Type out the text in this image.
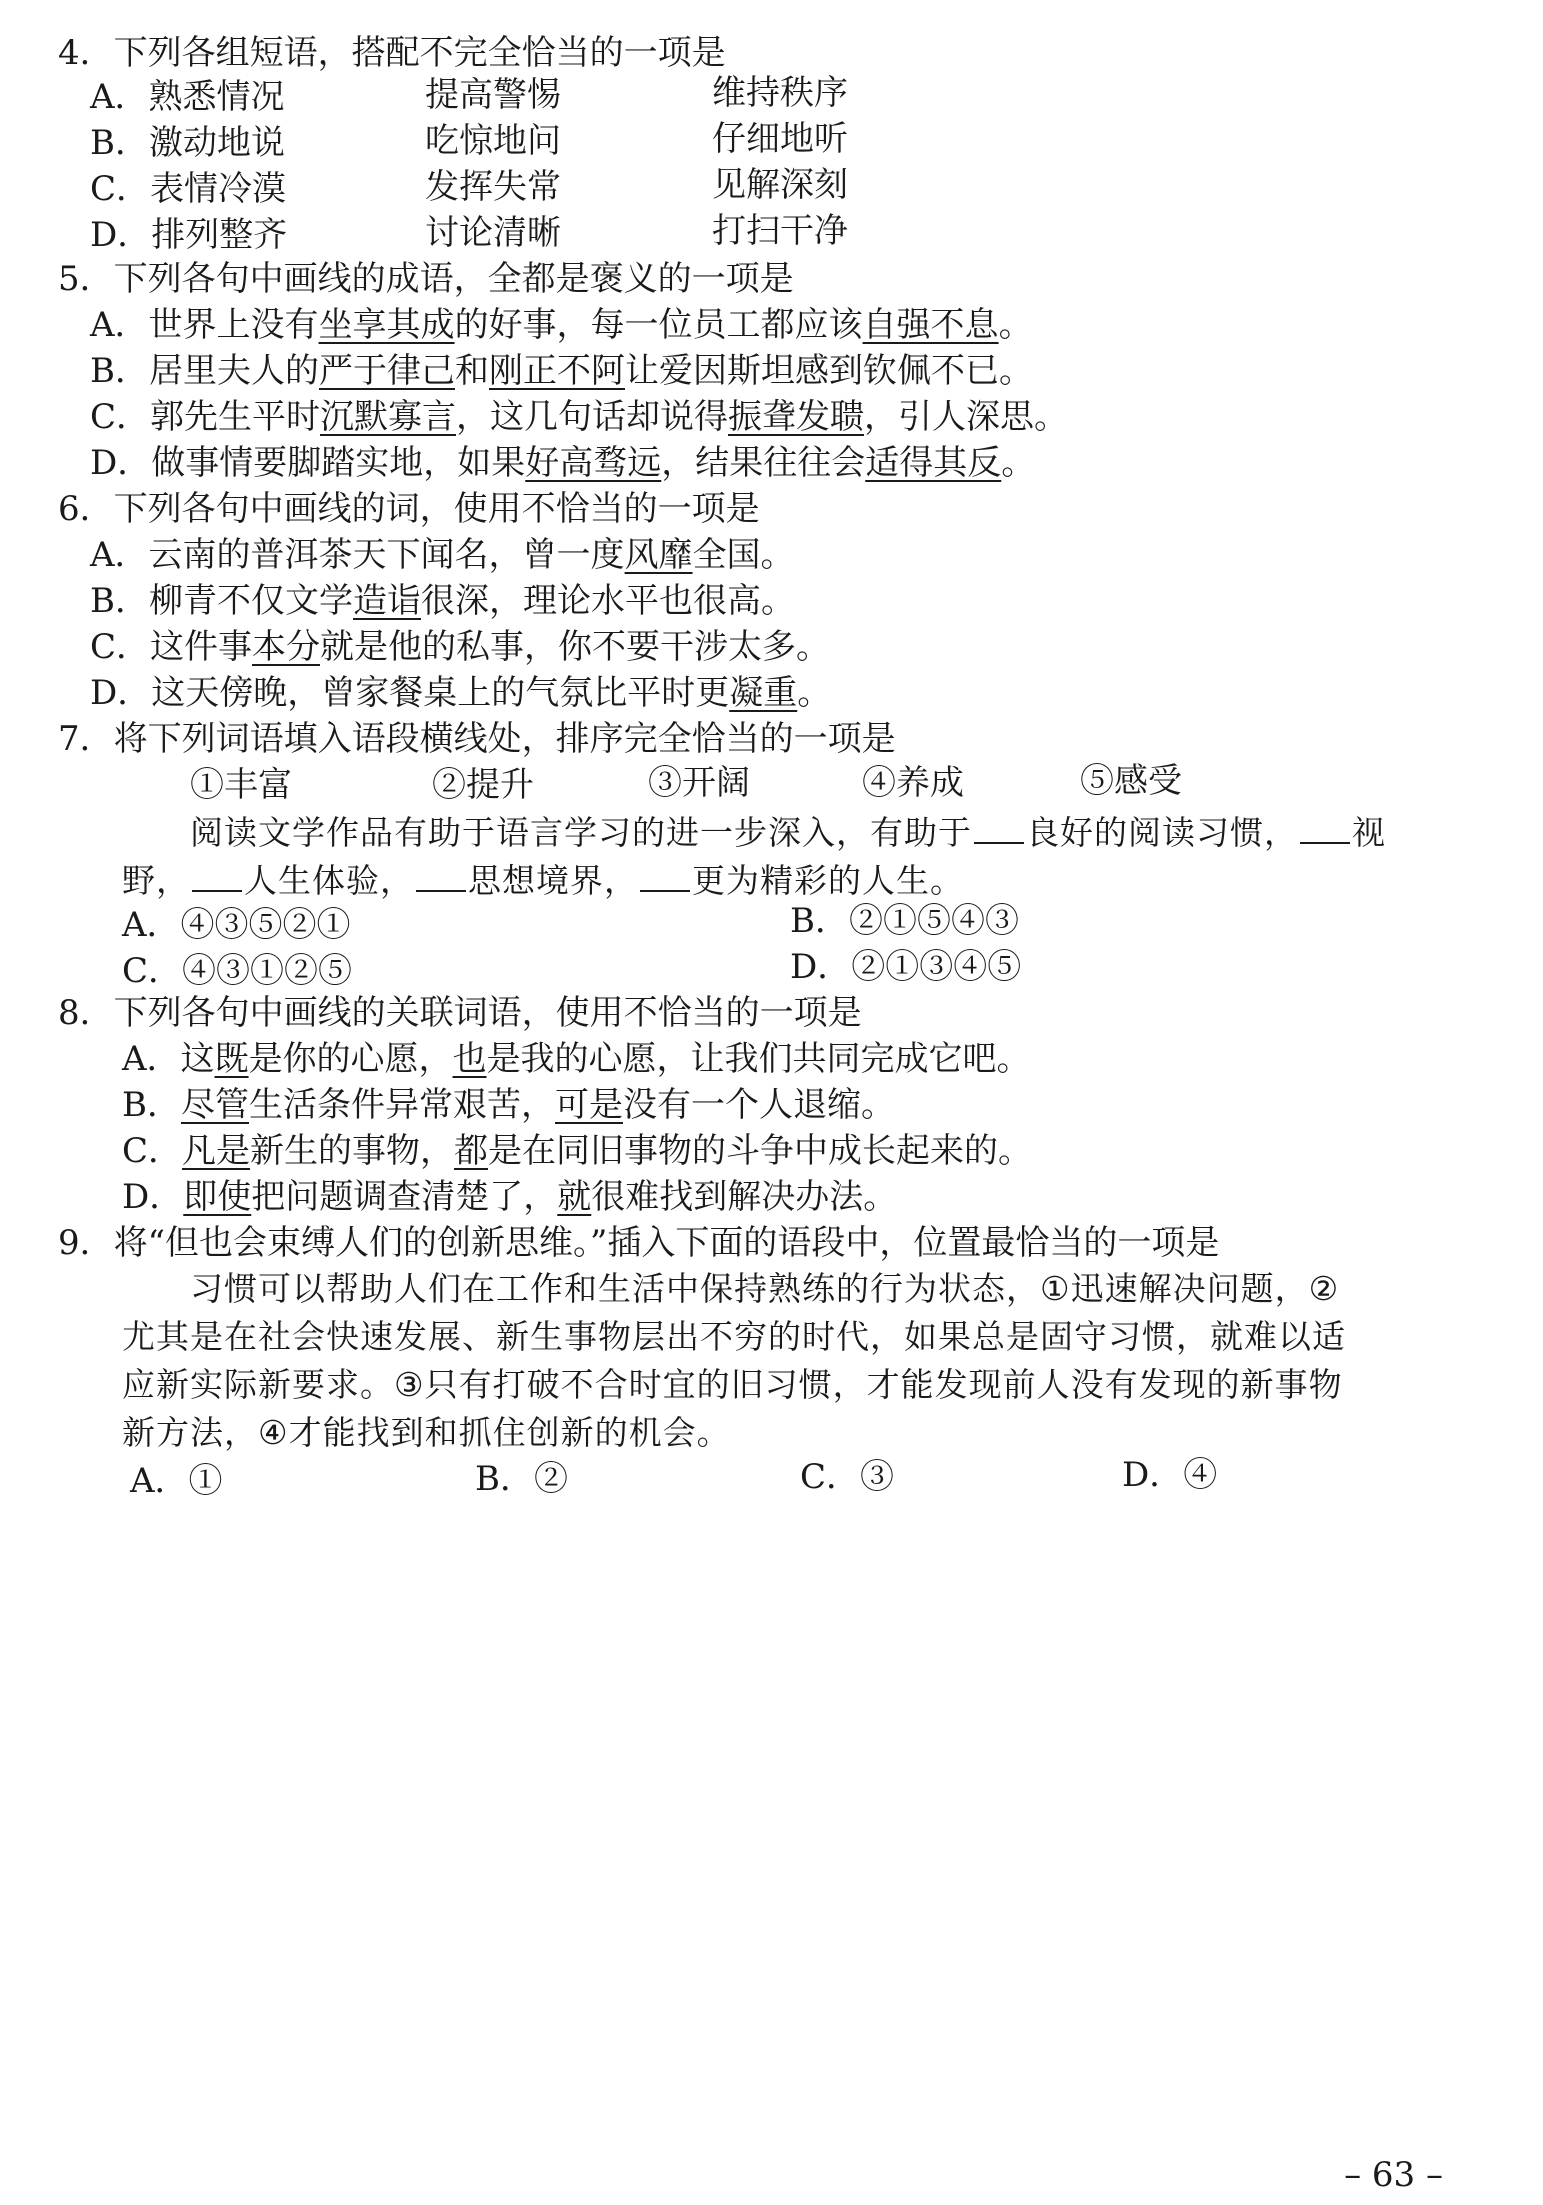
4．下列各组短语，搭配不完全恰当的一项是
A．熟悉情况	提高警惕	维持秩序
B．激动地说	吃惊地问	仔细地听
C．表情冷漠	发挥失常	见解深刻
D．排列整齐	讨论清晰	打扫干净
5．下列各句中画线的成语，全都是褒义的一项是
A．世界上没有坐享其成的好事，每一位员工都应该自强不息。
B．居里夫人的严于律己和刚正不阿让爱因斯坦感到钦佩不已。
C．郭先生平时沉默寡言，这几句话却说得振聋发聩，引人深思。
D．做事情要脚踏实地，如果好高骛远，结果往往会适得其反。
6．下列各句中画线的词，使用不恰当的一项是
A．云南的普洱茶天下闻名，曾一度风靡全国。
B．柳青不仅文学造诣很深，理论水平也很高。
C．这件事本分就是他的私事，你不要干涉太多。
D．这天傍晚，曾家餐桌上的气氛比平时更凝重。
7．将下列词语填入语段横线处，排序完全恰当的一项是
①丰富	②提升	③开阔	④养成	⑤感受
阅读文学作品有助于语言学习的进一步深入，有助于 良好的阅读习惯， 视
野， 人生体验， 思想境界， 更为精彩的人生。
A．④③⑤②①	B．②①⑤④③
C．④③①②⑤	D．②①③④⑤
8．下列各句中画线的关联词语，使用不恰当的一项是
A．这既是你的心愿，也是我的心愿，让我们共同完成它吧。
B．尽管生活条件异常艰苦，可是没有一个人退缩。
C．凡是新生的事物，都是在同旧事物的斗争中成长起来的。
D．即使把问题调查清楚了，就很难找到解决办法。
9．将“但也会束缚人们的创新思维。”插入下面的语段中，位置最恰当的一项是
习惯可以帮助人们在工作和生活中保持熟练的行为状态，①迅速解决问题，②
尤其是在社会快速发展、新生事物层出不穷的时代，如果总是固守习惯，就难以适
应新实际新要求。③只有打破不合时宜的旧习惯，才能发现前人没有发现的新事物
新方法，④才能找到和抓住创新的机会。
A．①	B．②	C．③	D．④
– 63 –
